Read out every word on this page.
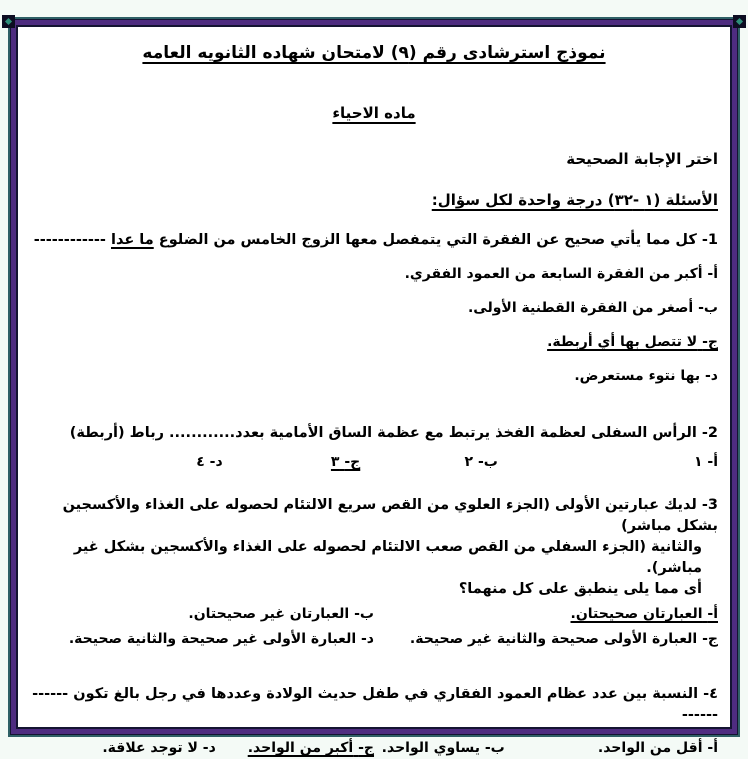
نموذج استرشادى رقم (٩) لامتحان شهاده الثانويه العامه
ماده الاحياء
اختر الإجابة الصحيحة
الأسئلة (١ -٣٢) درجة واحدة لكل سؤال:
1- كل مما يأتي صحيح عن الفقرة التي يتمفصل معها الزوج الخامس من الضلوع ما عدا ------------
أ- أكبر من الفقرة السابعة من العمود الفقري.
ب- أصغر من الفقرة القطنية الأولى.
ج- لا تتصل بها أي أربطة.
د- بها نتوء مستعرض.
2- الرأس السفلى لعظمة الفخذ يرتبط مع عظمة الساق الأمامية بعدد............ رباط (أربطة)
أ- ١
ب- ٢
ج- ٣
د- ٤
3- لديك عبارتين الأولى (الجزء العلوي من القص سريع الالتئام لحصوله على الغذاء والأكسجين بشكل مباشر)
والثانية (الجزء السفلي من القص صعب الالتئام لحصوله على الغذاء والأكسجين بشكل غير مباشر).
أى مما يلى ينطبق على كل منهما؟
أ- العبارتان صحيحتان.
ب- العبارتان غير صحيحتان.
ج- العبارة الأولى صحيحة والثانية غير صحيحة.
د- العبارة الأولى غير صحيحة والثانية صحيحة.
٤- النسبة بين عدد عظام العمود الفقاري في طفل حديث الولادة وعددها في رجل بالغ تكون ------------
أ- أقل من الواحد.
ب- يساوي الواحد.
ج- أكبر من الواحد.
د- لا توجد علاقة.
